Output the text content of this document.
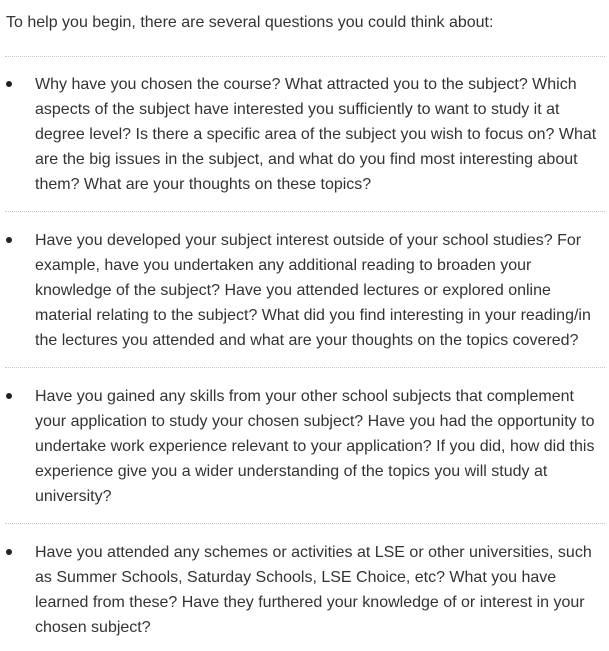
To help you begin, there are several questions you could think about:

Why have you chosen the course? What attracted you to the subject? Which aspects of the subject have interested you sufficiently to want to study it at degree level? Is there a specific area of the subject you wish to focus on? What are the big issues in the subject, and what do you find most interesting about them? What are your thoughts on these topics?

Have you developed your subject interest outside of your school studies? For example, have you undertaken any additional reading to broaden your knowledge of the subject? Have you attended lectures or explored online material relating to the subject? What did you find interesting in your reading/in the lectures you attended and what are your thoughts on the topics covered?

Have you gained any skills from your other school subjects that complement your application to study your chosen subject? Have you had the opportunity to undertake work experience relevant to your application? If you did, how did this experience give you a wider understanding of the topics you will study at university?

Have you attended any schemes or activities at LSE or other universities, such as Summer Schools, Saturday Schools, LSE Choice, etc? What you have learned from these? Have they furthered your knowledge of or interest in your chosen subject?
